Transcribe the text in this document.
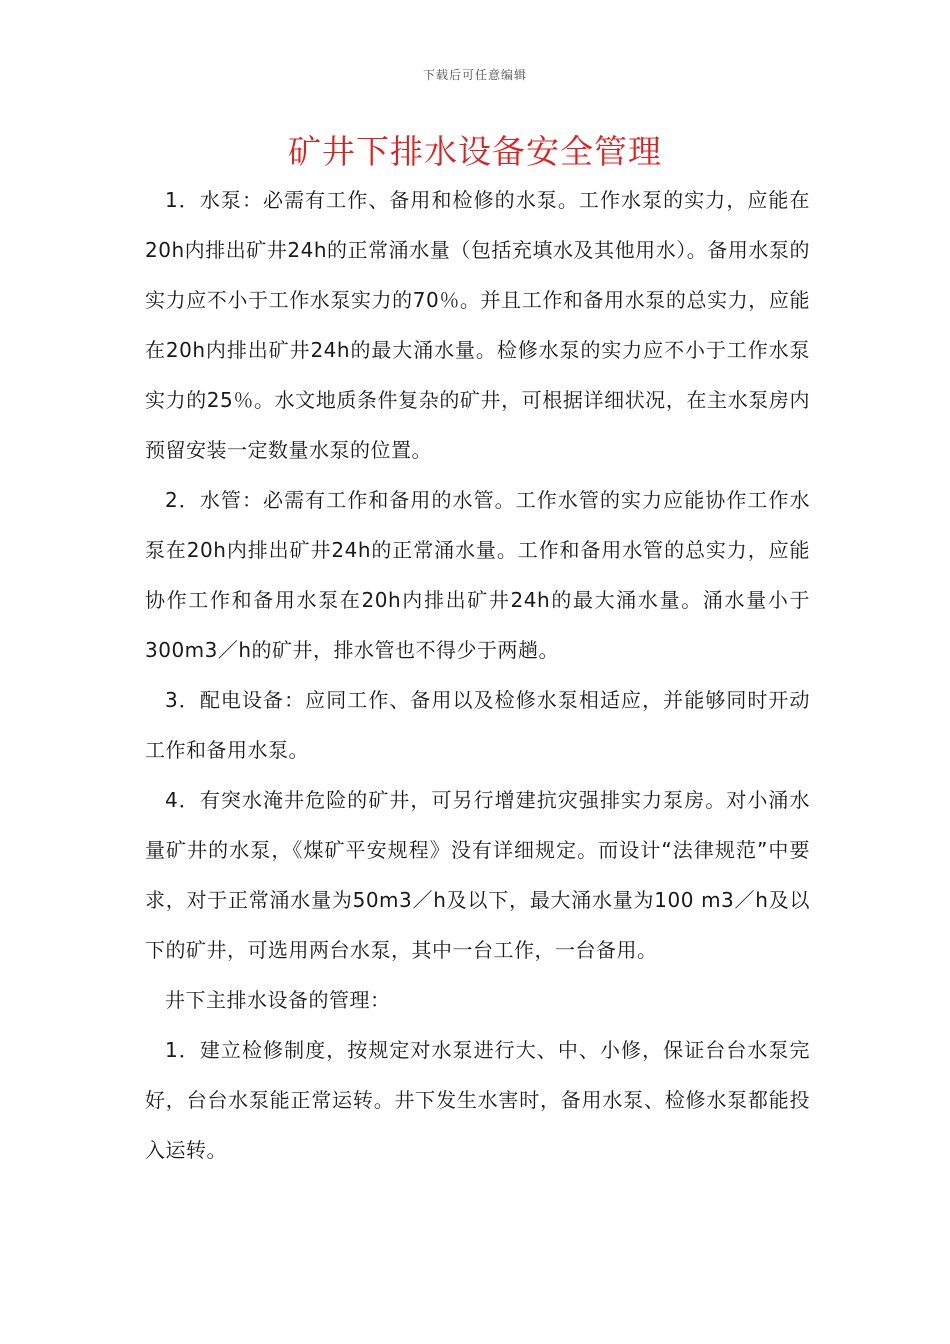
下载后可任意编辑
矿井下排水设备安全管理

1．水泵：必需有工作、备用和检修的水泵。工作水泵的实力，应能在20h内排出矿井24h的正常涌水量（包括充填水及其他用水）。备用水泵的实力应不小于工作水泵实力的70％。并且工作和备用水泵的总实力，应能在20h内排出矿井24h的最大涌水量。检修水泵的实力应不小于工作水泵实力的25％。水文地质条件复杂的矿井，可根据详细状况，在主水泵房内预留安装一定数量水泵的位置。

2．水管：必需有工作和备用的水管。工作水管的实力应能协作工作水泵在20h内排出矿井24h的正常涌水量。工作和备用水管的总实力，应能协作工作和备用水泵在20h内排出矿井24h的最大涌水量。涌水量小于300m3／h的矿井，排水管也不得少于两趟。

3．配电设备：应同工作、备用以及检修水泵相适应，并能够同时开动工作和备用水泵。

4．有突水淹井危险的矿井，可另行增建抗灾强排实力泵房。对小涌水量矿井的水泵，《煤矿平安规程》没有详细规定。而设计“法律规范”中要求，对于正常涌水量为50m3／h及以下，最大涌水量为100 m3／h及以下的矿井，可选用两台水泵，其中一台工作，一台备用。

井下主排水设备的管理：

1．建立检修制度，按规定对水泵进行大、中、小修，保证台台水泵完好，台台水泵能正常运转。井下发生水害时，备用水泵、检修水泵都能投入运转。
